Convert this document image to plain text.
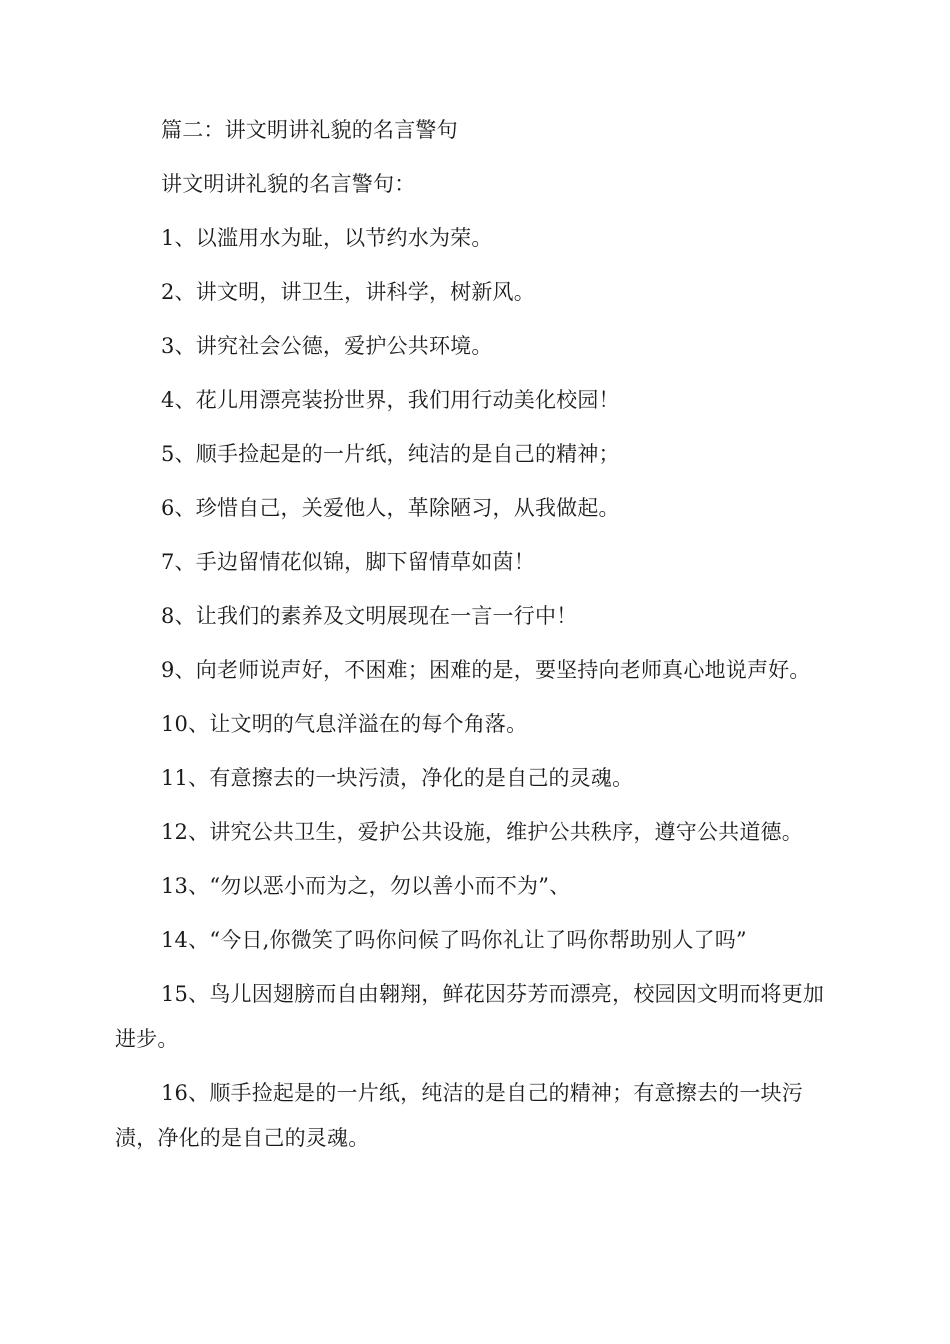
篇二：讲文明讲礼貌的名言警句

讲文明讲礼貌的名言警句：

1、以滥用水为耻，以节约水为荣。

2、讲文明，讲卫生，讲科学，树新风。

3、讲究社会公德，爱护公共环境。

4、花儿用漂亮装扮世界，我们用行动美化校园！

5、顺手捡起是的一片纸，纯洁的是自己的精神；

6、珍惜自己，关爱他人，革除陋习，从我做起。

7、手边留情花似锦，脚下留情草如茵！

8、让我们的素养及文明展现在一言一行中！

9、向老师说声好，不困难；困难的是，要坚持向老师真心地说声好。

10、让文明的气息洋溢在的每个角落。

11、有意擦去的一块污渍，净化的是自己的灵魂。

12、讲究公共卫生，爱护公共设施，维护公共秩序，遵守公共道德。

13、“勿以恶小而为之，勿以善小而不为”、

14、“今日,你微笑了吗你问候了吗你礼让了吗你帮助别人了吗”

15、鸟儿因翅膀而自由翱翔，鲜花因芬芳而漂亮，校园因文明而将更加进步。

16、顺手捡起是的一片纸，纯洁的是自己的精神；有意擦去的一块污渍，净化的是自己的灵魂。
